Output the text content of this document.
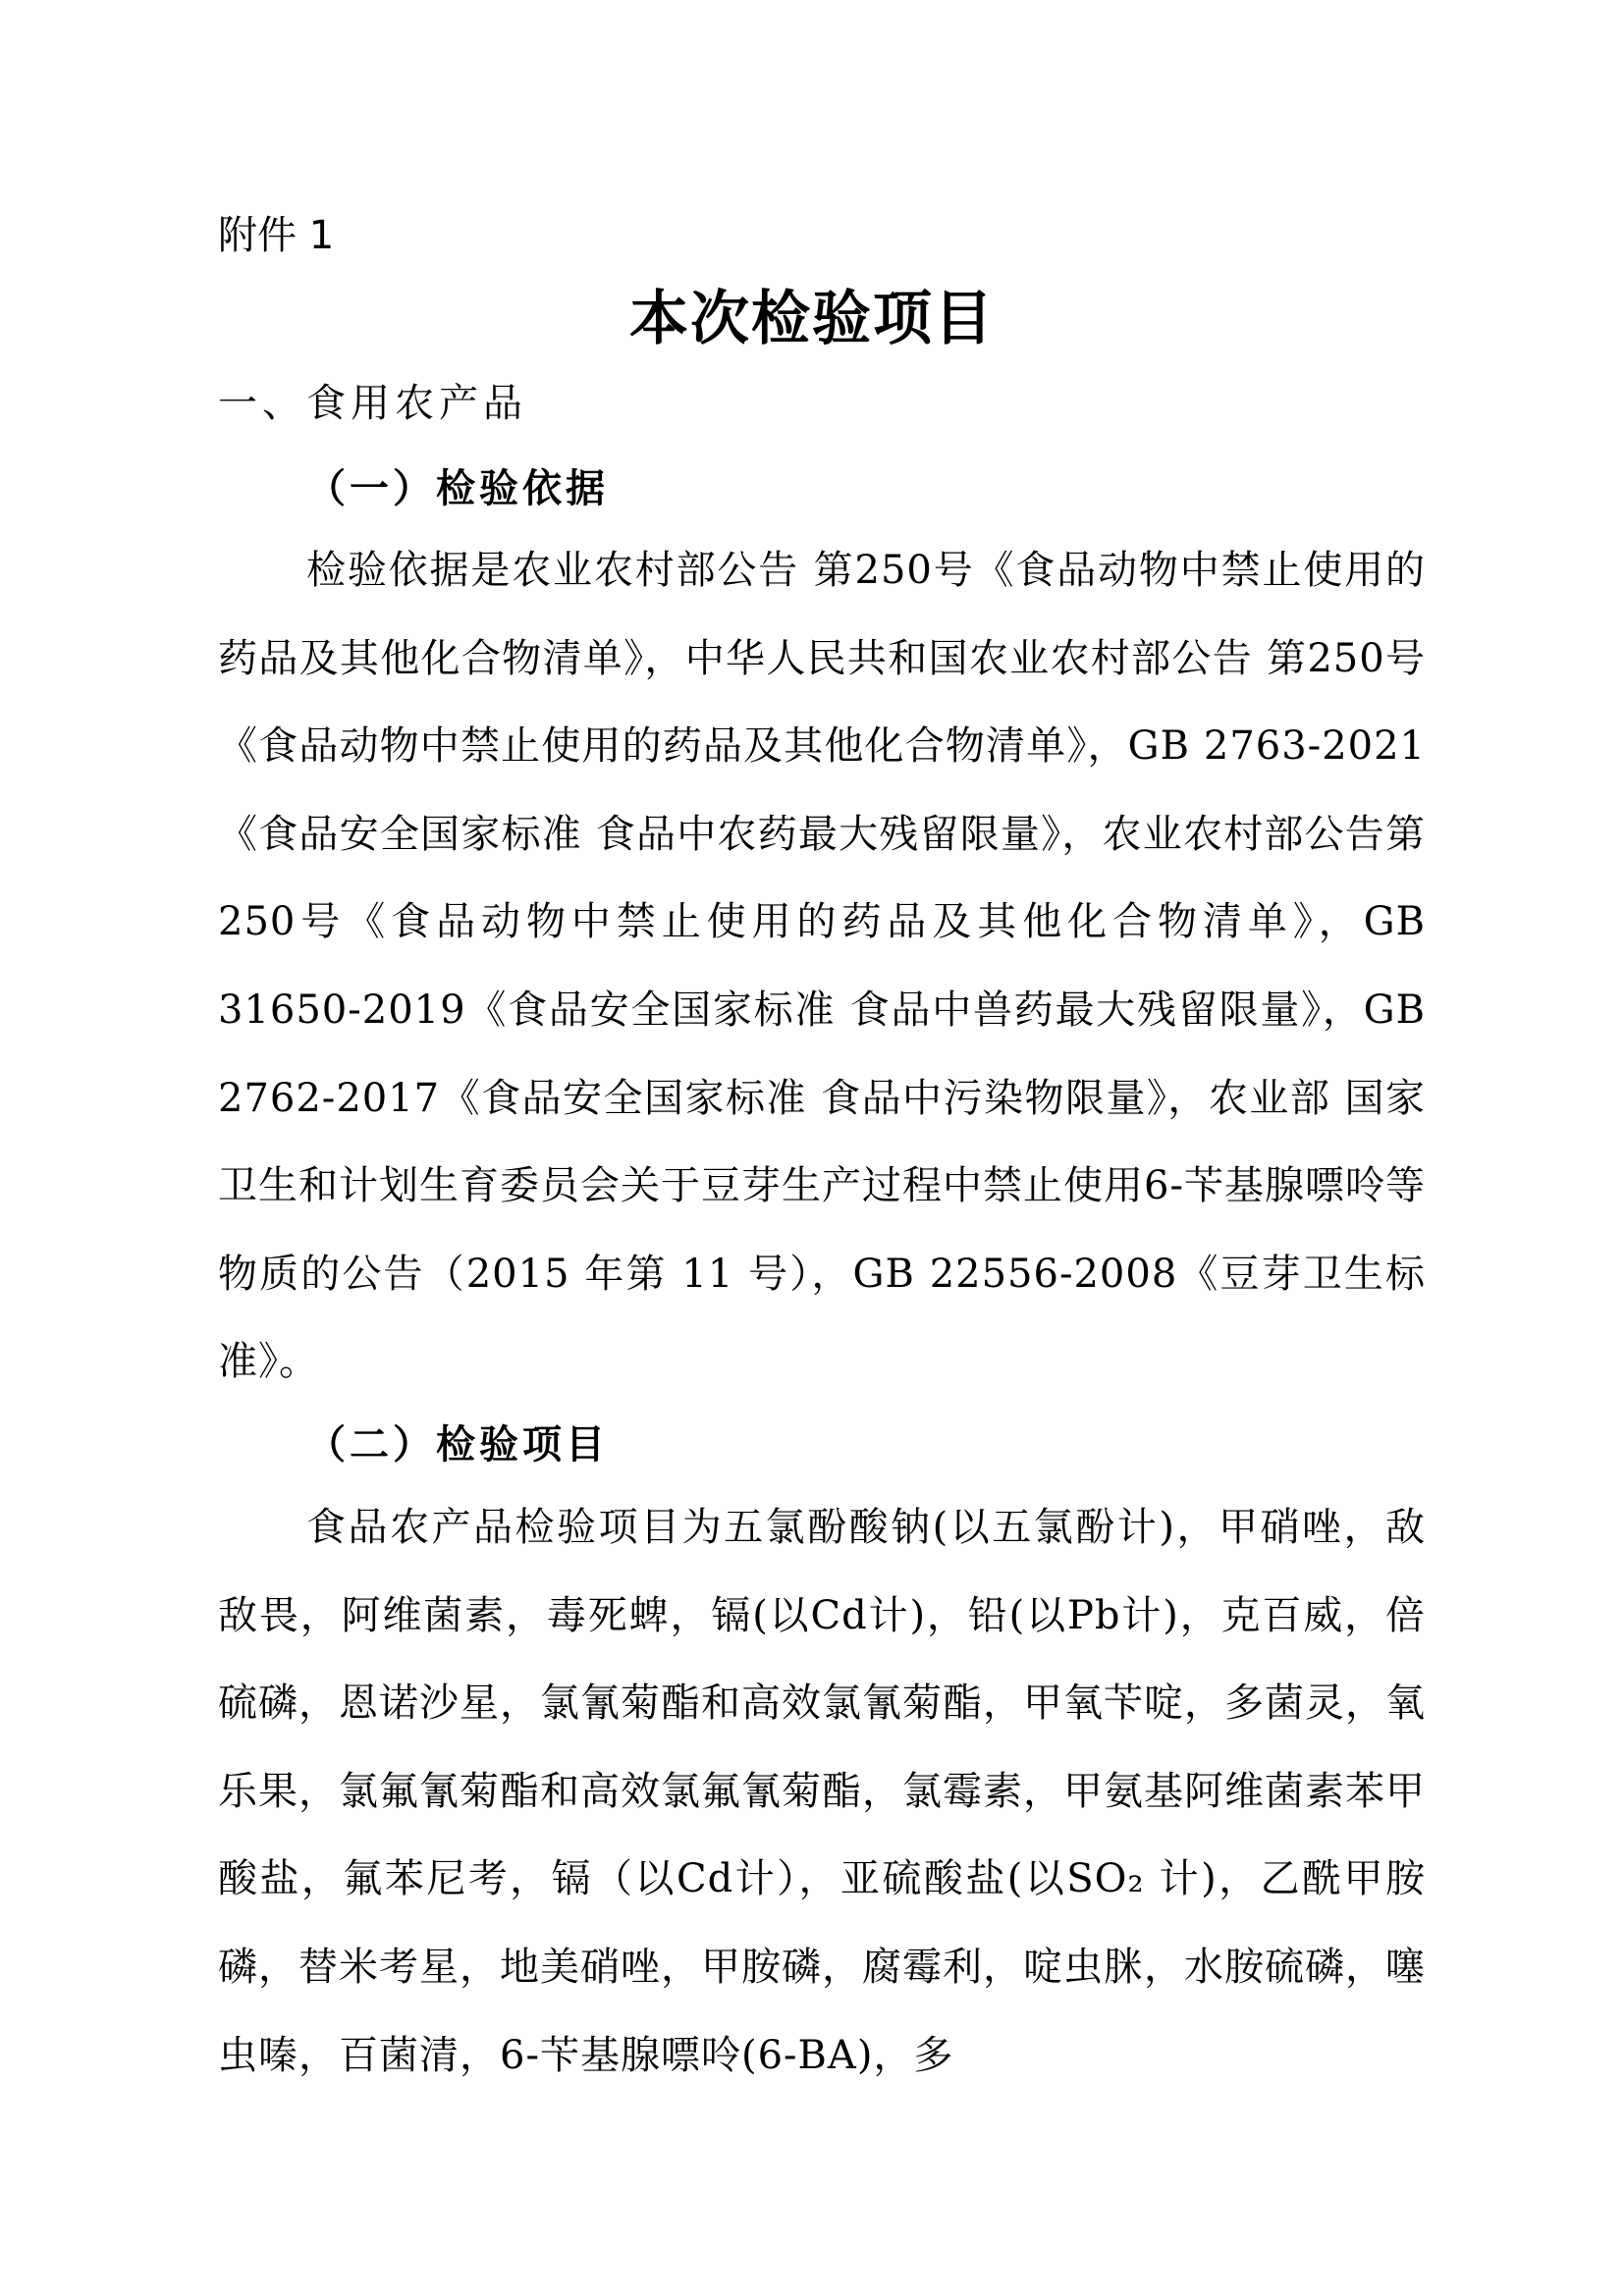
附件 1
本次检验项目
一、食用农产品
（一）检验依据

检验依据是农业农村部公告 第250号《食品动物中禁止使用的药品及其他化合物清单》，中华人民共和国农业农村部公告 第250号《食品动物中禁止使用的药品及其他化合物清单》，GB 2763-2021《食品安全国家标准 食品中农药最大残留限量》，农业农村部公告第250号《食品动物中禁止使用的药品及其他化合物清单》，GB 31650-2019《食品安全国家标准 食品中兽药最大残留限量》，GB 2762-2017《食品安全国家标准 食品中污染物限量》，农业部 国家卫生和计划生育委员会关于豆芽生产过程中禁止使用6-苄基腺嘌呤等物质的公告（2015 年第 11 号），GB 22556-2008《豆芽卫生标准》。

（二）检验项目

食品农产品检验项目为五氯酚酸钠(以五氯酚计)，甲硝唑，敌敌畏，阿维菌素，毒死蜱，镉(以Cd计)，铅(以Pb计)，克百威，倍硫磷，恩诺沙星，氯氰菊酯和高效氯氰菊酯，甲氧苄啶，多菌灵，氧乐果，氯氟氰菊酯和高效氯氟氰菊酯，氯霉素，甲氨基阿维菌素苯甲酸盐，氟苯尼考，镉（以Cd计），亚硫酸盐(以SO₂ 计)，乙酰甲胺磷，替米考星，地美硝唑，甲胺磷，腐霉利，啶虫脒，水胺硫磷，噻虫嗪，百菌清，6-苄基腺嘌呤(6-BA)，多
